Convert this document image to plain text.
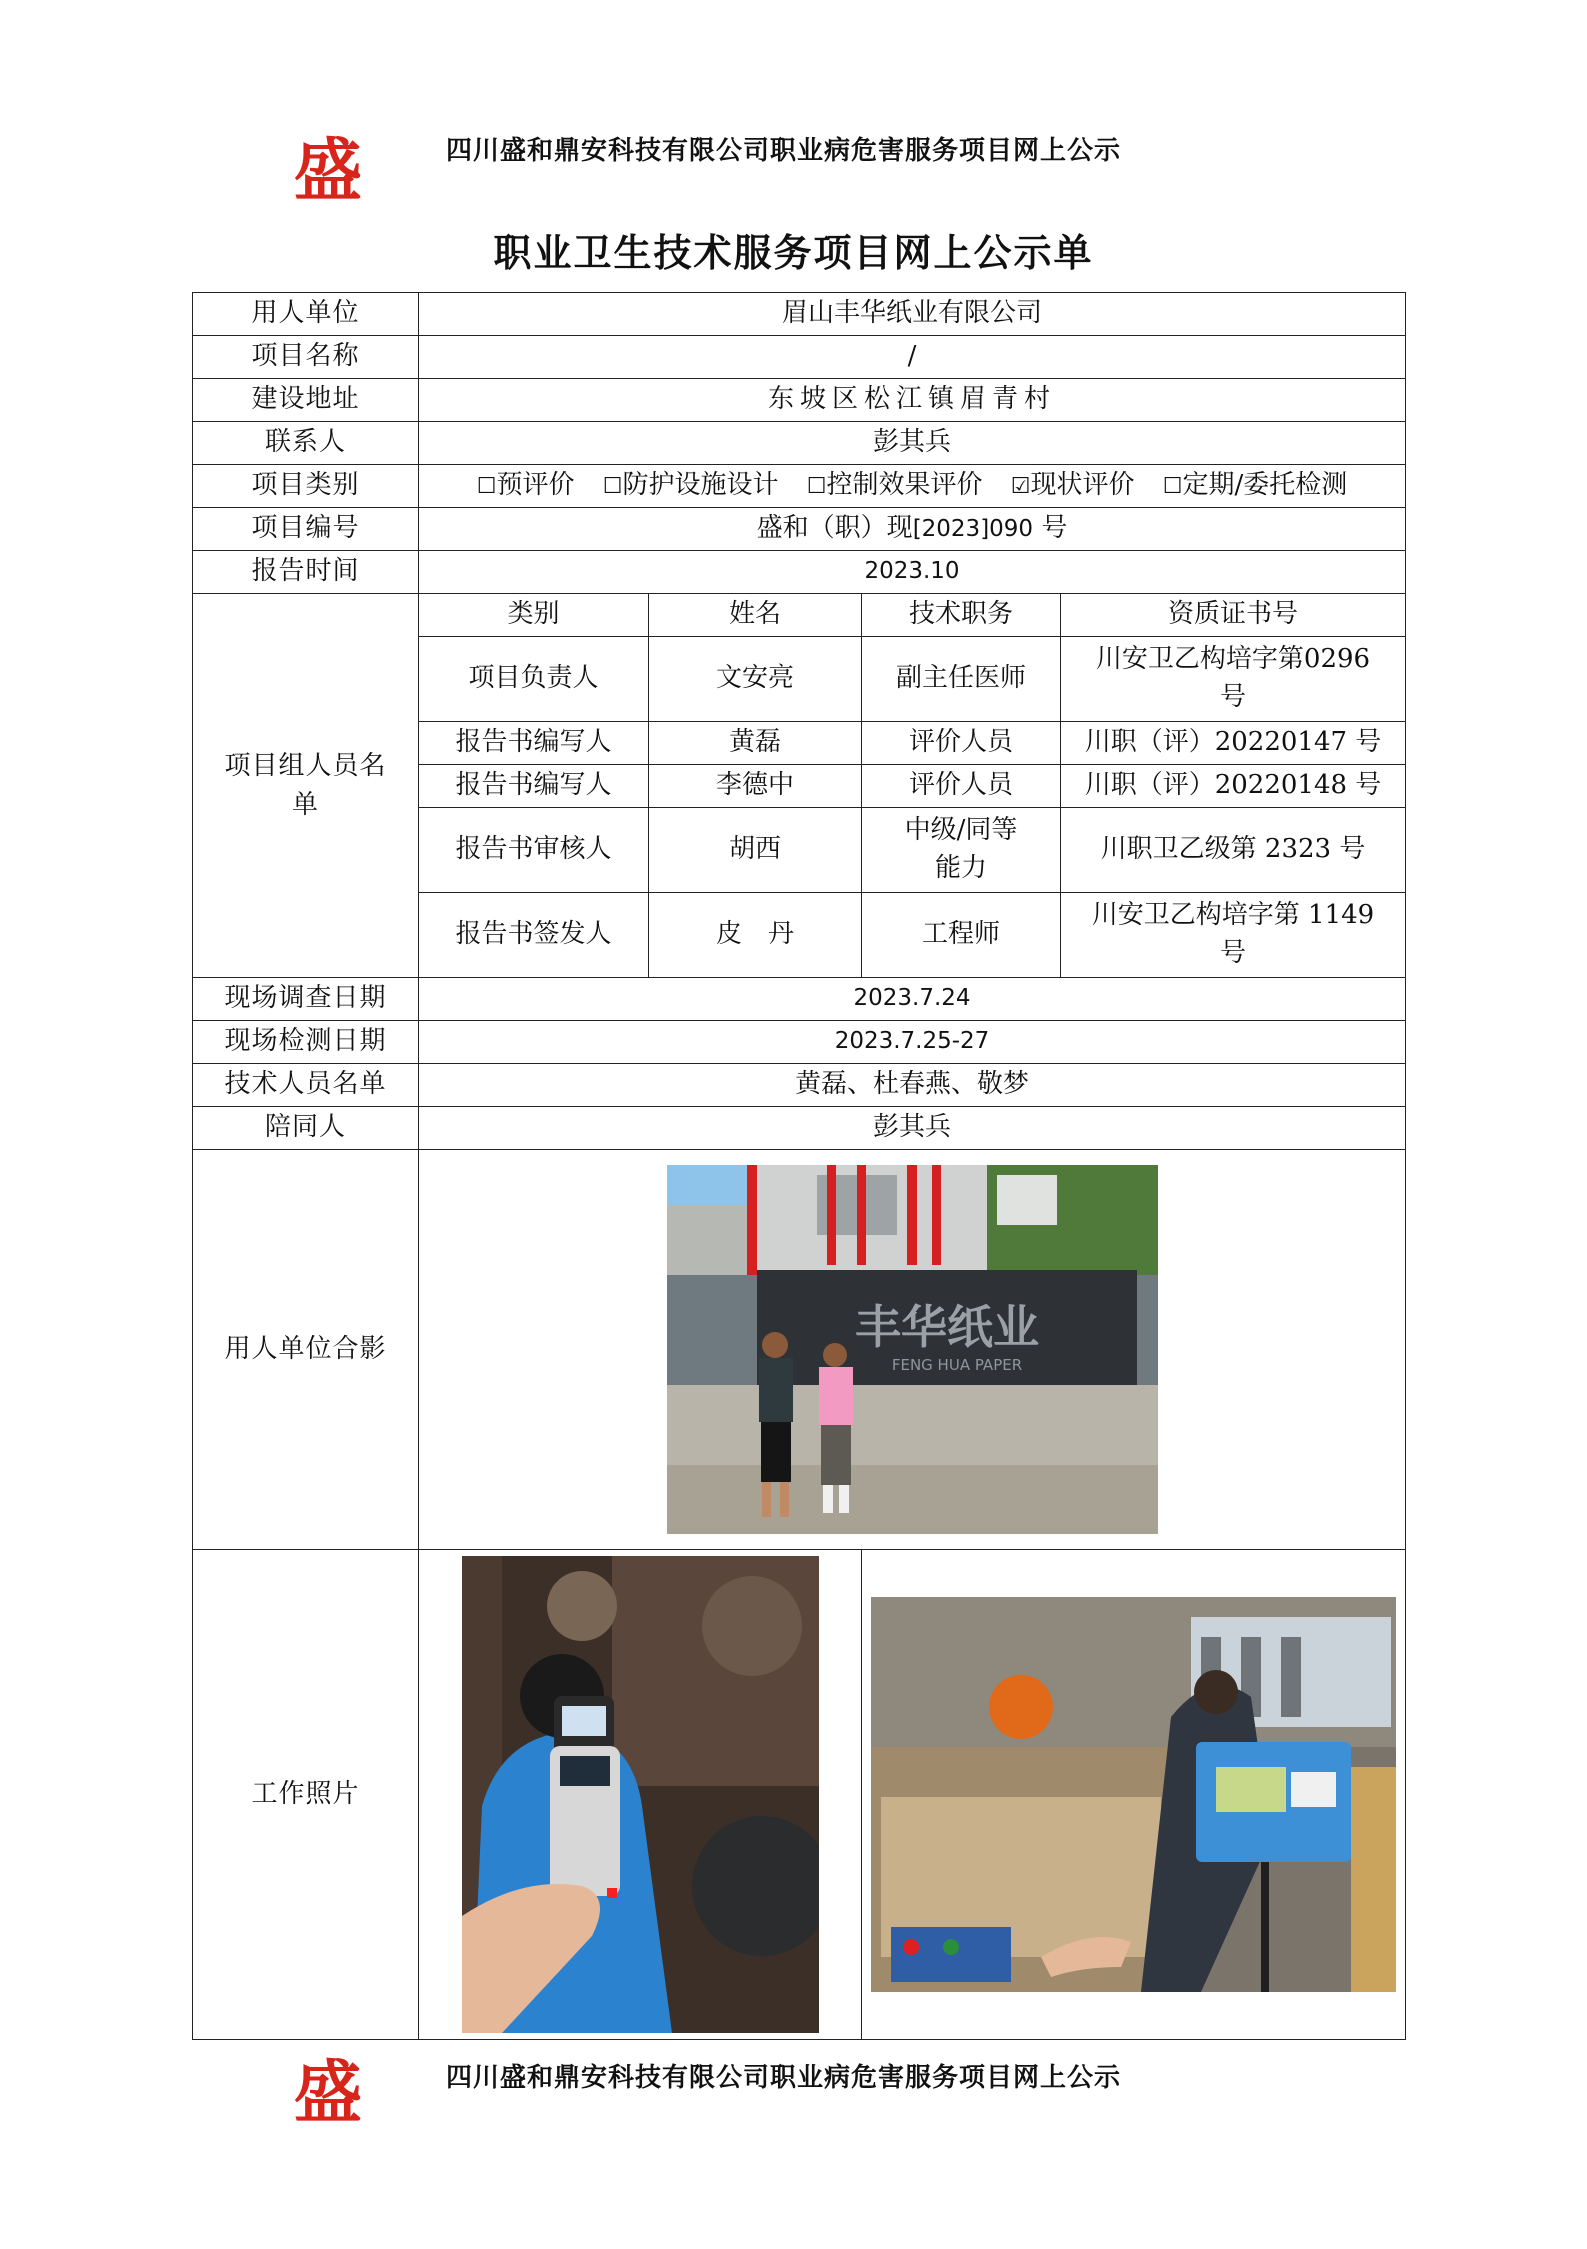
盛	四川盛和鼎安科技有限公司职业病危害服务项目网上公示
职业卫生技术服务项目网上公示单
用人单位	眉山丰华纸业有限公司			
项目名称	/			
建设地址	东坡区松江镇眉青村			
联系人	彭其兵			
项目类别	☐预评价 ☐防护设施设计 ☐控制效果评价 ☑现状评价 ☐定期/委托检测			
项目编号	盛和（职）现[2023]090 号			
报告时间	2023.10			

项目组人员名单	类别	姓名	技术职务	资质证书号
	项目负责人	文安亮	副主任医师	川安卫乙构培字第0296号

	报告书编写人	黄磊	评价人员	川职（评）20220147 号
	报告书编写人	李德中	评价人员	川职（评）20220148 号
	报告书审核人	胡西	中级/同等能力	川职卫乙级第 2323 号
	报告书签发人	皮　丹	工程师	川安卫乙构培字第 1149 号

现场调查日期	2023.7.24			
现场检测日期	2023.7.25-27			
技术人员名单	黄磊、杜春燕、敬梦			
陪同人	彭其兵			
用人单位合影	丰华纸业
FENG HUA PAPER			

工作照片	

盛	四川盛和鼎安科技有限公司职业病危害服务项目网上公示
